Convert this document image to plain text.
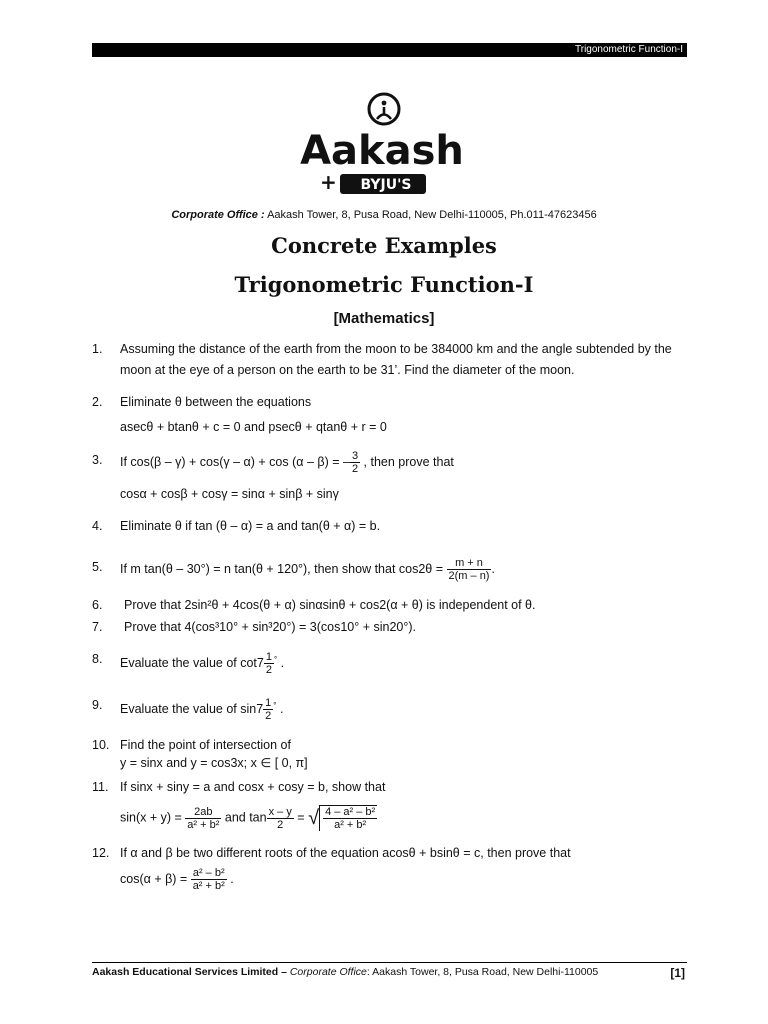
Trigonometric Function-I
Aakash
+ BYJU'S
Corporate Office : Aakash Tower, 8, Pusa Road, New Delhi-110005, Ph.011-47623456
Concrete Examples
Trigonometric Function-I
[Mathematics]
1. Assuming the distance of the earth from the moon to be 384000 km and the angle subtended by the moon at the eye of a person on the earth to be 31’. Find the diameter of the moon.
2. Eliminate θ between the equations
asecθ + btanθ + c = 0 and psecθ + qtanθ + r = 0
3. If cos(β – γ) + cos(γ – α) + cos (α – β) = – $\frac{3}{2}$ , then prove that
cosα + cosβ + cosγ = sinα + sinβ + sinγ
4. Eliminate θ if tan (θ – α) = a and tan(θ + α) = b.
5. If m tan(θ – 30°) = n tan(θ + 120°), then show that $\cos 2\theta = \frac{m + n}{2(m - n)}$ .
6. Prove that 2sin²θ + 4cos(θ + α) sinαsinθ + cos2(α + θ) is independent of θ.
7. Prove that 4(cos³10° + sin³20°) = 3(cos10° + sin20°).
8. Evaluate the value of $\cot 7 \frac{1}{2} ^\circ$ .
9. Evaluate the value of $\sin 7 \frac{1}{2} ^\circ$ .
10. Find the point of intersection of
y = sinx and y = cos3x; x ∈ [ 0, π]
11. If sinx + siny = a and cosx + cosy = b, show that
$\sin(x + y) = \frac{2ab}{\text{a² + b²}}$ and $\tan \frac{x - y}{2}$ = √ $\frac{\text{4 – a² – b²}}{\text{a² + b²}}$
12. If α and β be two different roots of the equation acosθ + bsinθ = c, then prove that
$\cos(\alpha + \beta) = \frac{\text{a² – b²}}{\text{a² + b²}}$ .
Aakash Educational Services Limited – Corporate Office: Aakash Tower, 8, Pusa Road, New Delhi-110005	[1]
